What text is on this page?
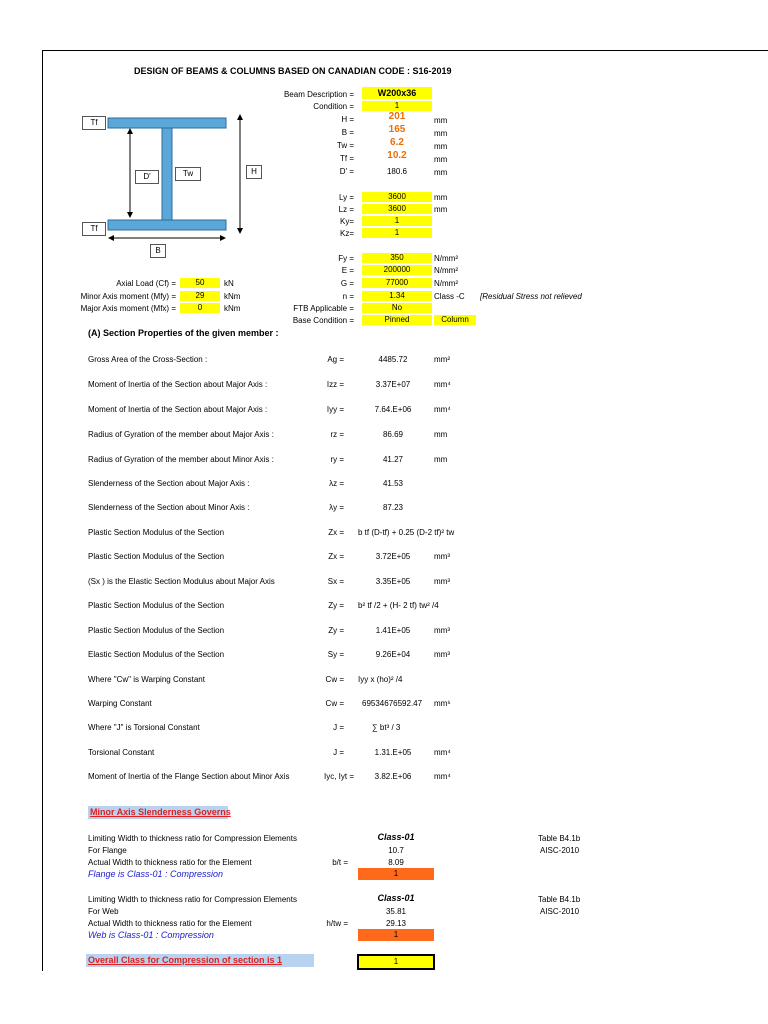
DESIGN OF BEAMS & COLUMNS BASED ON CANADIAN CODE : S16-2019
Tf
D'	Tw	H
Tf
B
Beam Description =	W200x36
Condition =	1
H =	201	mm
B =	165	mm
Tw =	6.2	mm
Tf =	10.2	mm
D' =	180.6	mm
Ly =	3600	mm
Lz =	3600	mm
Ky=	1
Kz=	1
Fy =	350	N/mm²
E =	200000	N/mm²
G =	77000	N/mm²
n =	1.34	Class -C [Residual Stress not relieved
FTB Applicable =	No
Base Condition =	Pinned	Column
Axial Load (Cf) =	50	kN
Minor Axis moment (Mfy) =	29	kNm
Major Axis moment (Mfx) =	0	kNm
(A) Section Properties of the given member :
Gross Area of the Cross-Section :	Ag =	4485.72	mm²
Moment of Inertia of the Section about Major Axis :	Izz =	3.37E+07	mm⁴
Moment of Inertia of the Section about Major Axis :	Iyy =	7.64.E+06	mm⁴
Radius of Gyration of the member about Major Axis :	rz =	86.69	mm
Radius of Gyration of the member about Minor Axis :	ry =	41.27	mm
Slenderness of the Section about Major Axis :	λz =	41.53
Slenderness of the Section about Minor Axis :	λy =	87.23
Plastic Section Modulus of the Section	Zx = b tf (D-tf) + 0.25 (D-2 tf)² tw
Plastic Section Modulus of the Section	Zx =	3.72E+05	mm³
(Sx ) is the Elastic Section Modulus about Major Axis	Sx =	3.35E+05	mm³
Plastic Section Modulus of the Section	Zy = b² tf /2 + (H- 2 tf) tw² /4
Plastic Section Modulus of the Section	Zy =	1.41E+05	mm³
Elastic Section Modulus of the Section	Sy =	9.26E+04	mm³
Where "Cw" is Warping Constant	Cw = Iyy x (ho)² /4
Warping Constant	Cw = 69534676592.47 mm⁶
Where "J" is Torsional Constant	J =	∑ bt³ / 3
Torsional Constant	J =	1.31.E+05	mm⁴
Moment of Inertia of the Flange Section about Minor Axis	Iyc, Iyt =	3.82.E+06	mm⁴
Minor Axis Slenderness Governs
Limiting Width to thickness ratio for Compression Elements	Class-01	Table B4.1b
For Flange	10.7	AISC-2010
Actual Width to thickness ratio for the Element	b/t =	8.09
Flange is Class-01 : Compression	1
Limiting Width to thickness ratio for Compression Elements	Class-01	Table B4.1b
For Web	35.81	AISC-2010
Actual Width to thickness ratio for the Element	h/tw =	29.13
Web is Class-01 : Compression	1
Overall Class for Compression of section is 1	1
